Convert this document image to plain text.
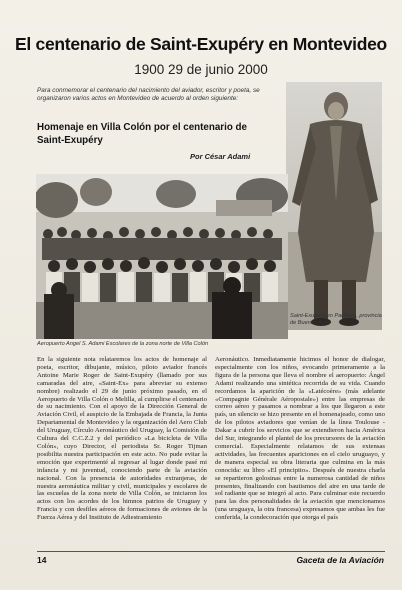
El centenario de Saint-Exupéry en Montevideo
1900 29 de junio 2000
Para conmemorar el centenario del nacimiento del aviador, escritor y poeta, se organizaron varios actos en Montevideo de acuerdo al orden siguiente:
Homenaje en Villa Colón por el centenario de Saint-Exupéry
Por César Adami
Saint-Exupéry en Pacheco, provincia de Buenos Aires
Aeropuerto Angel S. Adami Escolares de la zona norte de Villa Colón
En la siguiente nota relataremos los actos de homenaje al poeta, escritor, dibujante, músico, piloto aviador francés Antoine Marie Roger de Saint-Exupéry (llamado por sus camaradas del aire, «Saint-Ex» para abreviar su extenso nombre) realizado el 29 de junio próximo pasado, en el Aeropuerto de Villa Colón o Melilla, al cumplirse el centenario de su nacimiento. Con el apoyo de la Dirección General de Aviación Civil, el auspicio de la Embajada de Francia, la Junta Departamental de Montevideo y la organización del Aero Club del Uruguay, Círculo Aeronáutico del Uruguay, la Comisión de Cultura del C.C.Z.2 y del periódico «La bicicleta de Villa Colón», cuyo Director, el periodista Sr. Roger Tijman posibilita nuestra participación en este acto. No pude evitar la emoción que experimenté al regresar al lugar donde pasé mi infancia y mi juventud, conociendo parte de la aviación nacional. Con la presencia de autoridades extranjeras, de nuestra aeronáutica militar y civil, municipales y escolares de las escuelas de la zona norte de Villa Colón, se iniciaron los actos con los acordes de los himnos patrios de Uruguay y Francia y con desfiles aéreos de formaciones de aviones de la Fuerza Aérea y del Instituto de Adiestramiento
Aeronáutico. Inmediatamente hicimos el honor de dialogar, especialmente con los niños, evocando primeramente a la figura de la persona que lleva el nombre el aeropuerto: Ángel Adami realizando una sintética recorrida de su vida. Cuando recordamos la aparición de la «Latécoère» (más adelante «Compagnie Générale Aéropostale») entre las empresas de correo aéreo y pasamos a nombrar a los que llegaron a este país, un silencio se hizo presente en el homenajeado, como uno de los pilotos aviadores que venían de la línea Toulouse - Dakar a cubrir los servicios que se extendieron hacia América del Sur, integrando el plantel de los precursores de la aviación comercial. Especialmente relatamos de sus extensas actividades, las frecuentes apariciones en el cielo uruguayo, y de manera especial su obra literaria que culmina en la más conocida: su libro «El principito». Después de nuestra charla se repartieron golosinas entre la numerosa cantidad de niños presentes, finalizando con bautismos del aire en una tarde de sol radiante que se integró al acto. Para culminar este recuerdo para las dos personalidades de la aviación que mencionamos (una uruguaya, la otra francesa) expresamos que ambas les fue conferida, la condecoración que otorga el país
14	Gaceta de la Aviación
